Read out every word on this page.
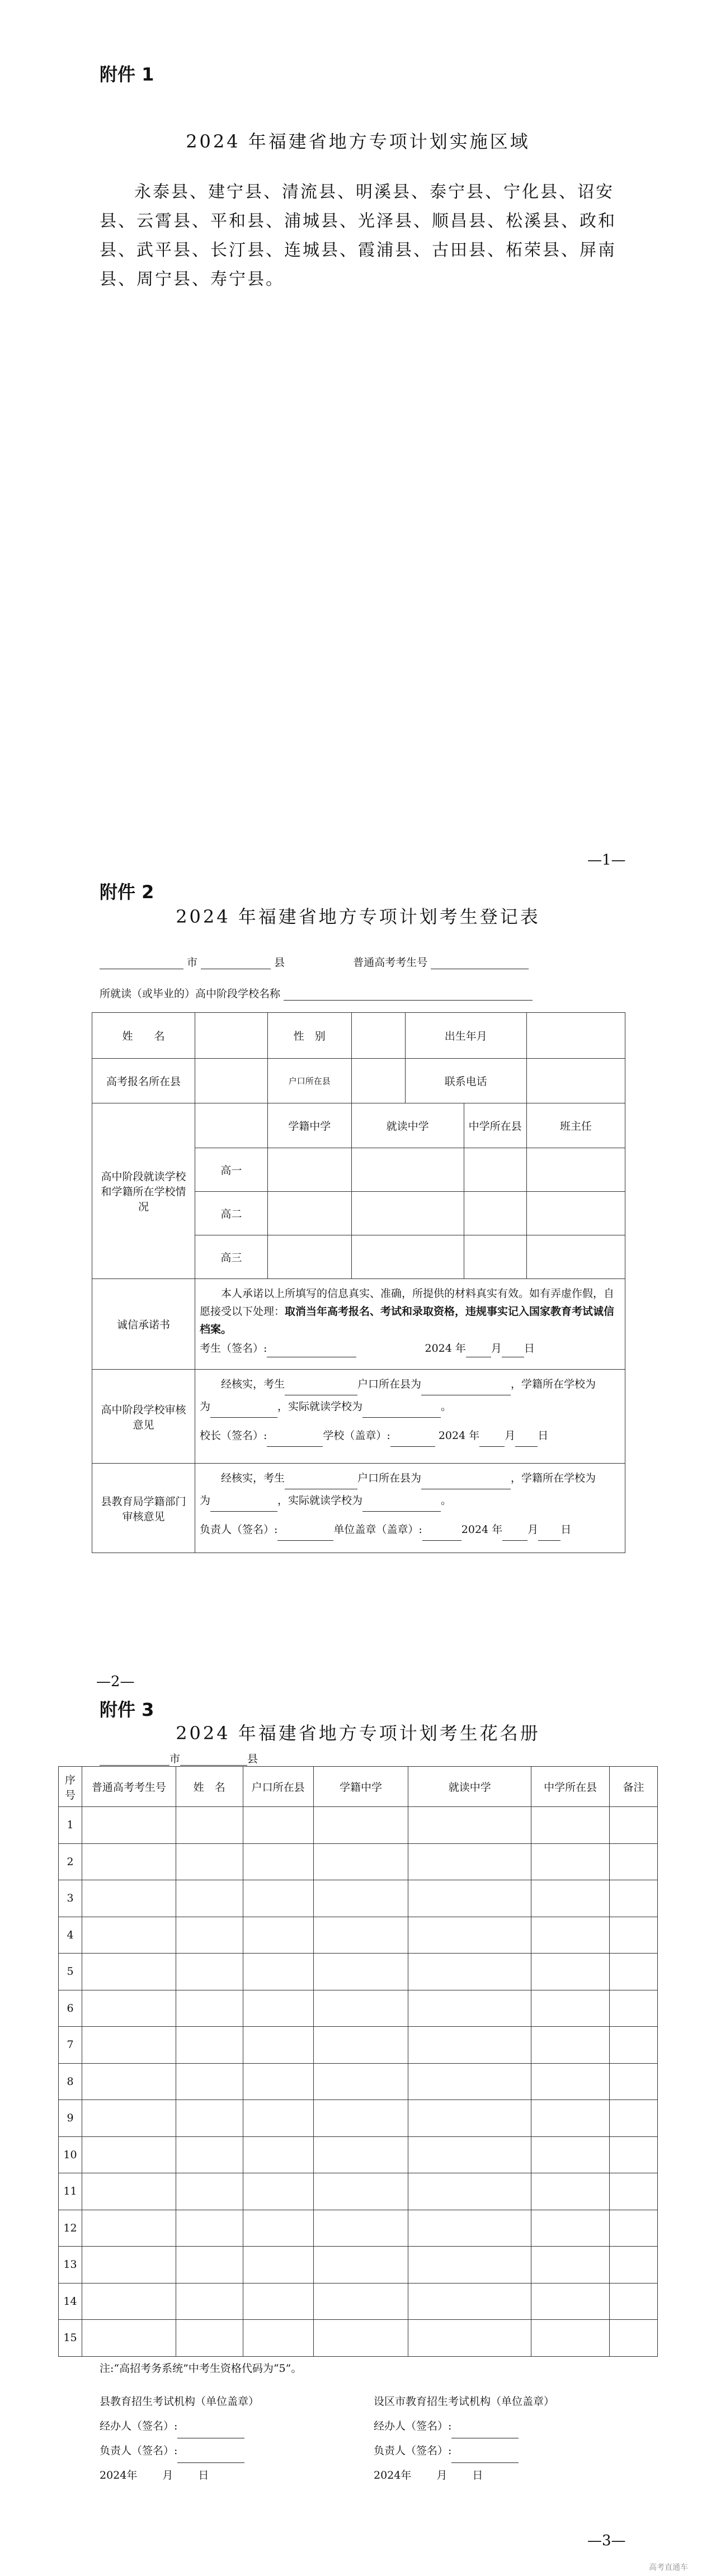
附件 1
2024 年福建省地方专项计划实施区域
永泰县、建宁县、清流县、明溪县、泰宁县、宁化县、诏安
县、云霄县、平和县、浦城县、光泽县、顺昌县、松溪县、政和
县、武平县、长汀县、连城县、霞浦县、古田县、柘荣县、屏南
县、周宁县、寿宁县。
—1—
附件 2
2024 年福建省地方专项计划考生登记表
市	县	普通高考考生号
所就读（或毕业的）高中阶段学校名称
姓　　名		性　别		出生年月		
高考报名所在县		户口所在县		联系电话		
高中阶段就读学校和学籍所在学校情况		学籍中学	就读中学		中学所在县	班主任
	高一					
	高二					
	高三					
诚信承诺书	本人承诺以上所填写的信息真实、准确，所提供的材料真实有效。如有弄虚作假，自愿接受以下处理：取消当年高考报名、考试和录取资格，违规事实记入国家教育考试诚信档案。
考生（签名）: 2024 年 月 日					

高中阶段学校审核意见	经核实，考生 户口所在县为 ，学籍所在学校为
为 ，实际就读学校为 。
校长（签名）: 学校（盖章）: 2024 年 月 日					

县教育局学籍部门审核意见	经核实，考生 户口所在县为 ，学籍所在学校为
为 ，实际就读学校为 。
负责人（签名）: 单位盖章（盖章）: 2024 年 月 日					
—2—
附件 3
2024 年福建省地方专项计划考生花名册
市	县
序号	普通高考考生号	姓　名	户口所在县	学籍中学	就读中学	中学所在县	备注
1							
2							
3							
4							
5							
6							
7							
8							
9							
10							
11							
12							
13							
14							
15							
注:“高招考务系统”中考生资格代码为“5”。
县教育招生考试机构（单位盖章）
经办人（签名）:
负责人（签名）:
2024年 月 日
设区市教育招生考试机构（单位盖章）
经办人（签名）:
负责人（签名）:
2024年 月 日
—3—
高考直通车
